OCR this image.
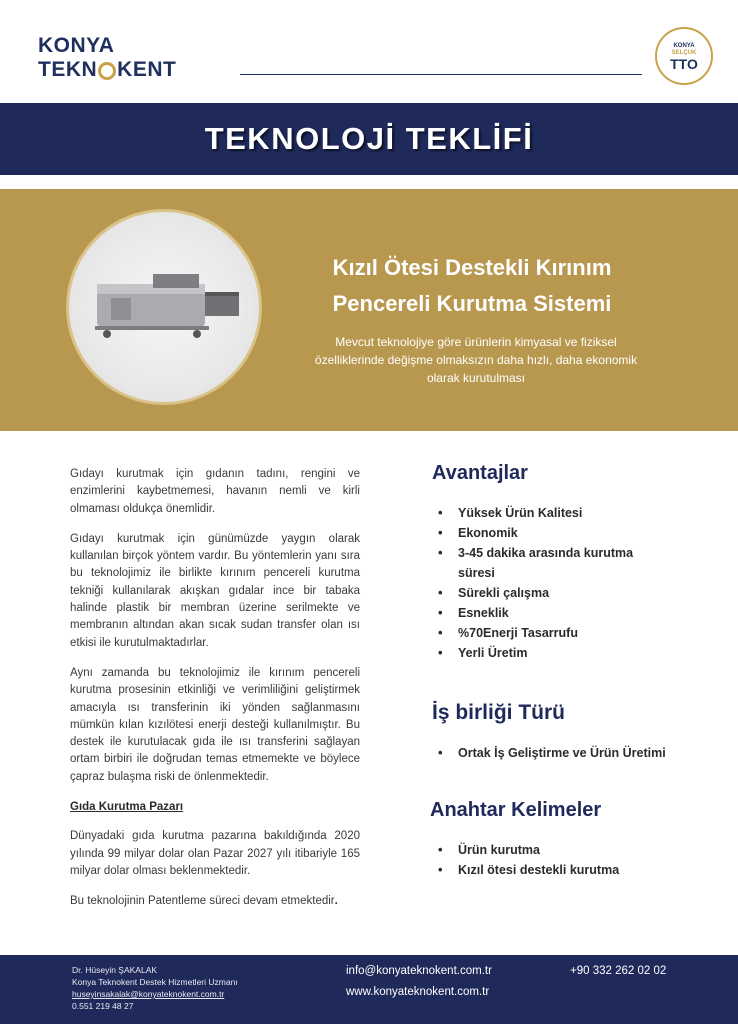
KONYA
TEKN KENT
KONYA
SELÇUK
TTO
TEKNOLOJİ TEKLİFİ
Kızıl Ötesi Destekli Kırınım
Pencereli Kurutma Sistemi
Mevcut teknolojiye göre ürünlerin kimyasal ve fiziksel özelliklerinde değişme olmaksızın daha hızlı, daha ekonomik olarak kurutulması

Gıdayı kurutmak için gıdanın tadını, rengini ve enzimlerini kaybetmemesi, havanın nemli ve kirli olmaması oldukça önemlidir.

Gıdayı kurutmak için günümüzde yaygın olarak kullanılan birçok yöntem vardır. Bu yöntemlerin yanı sıra bu teknolojimiz ile birlikte kırınım pencereli kurutma tekniği kullanılarak akışkan gıdalar ince bir tabaka halinde plastik bir membran üzerine serilmekte ve membranın altından akan sıcak sudan transfer olan ısı etkisi ile kurutulmaktadırlar.

Aynı zamanda bu teknolojimiz ile kırınım pencereli kurutma prosesinin etkinliği ve verimliliğini geliştirmek amacıyla ısı transferinin iki yönden sağlanmasını mümkün kılan kızılötesi enerji desteği kullanılmıştır. Bu destek ile kurutulacak gıda ile ısı transferini sağlayan ortam birbiri ile doğrudan temas etmemekte ve böylece çapraz bulaşma riski de önlenmektedir.

Gıda Kurutma Pazarı

Dünyadaki gıda kurutma pazarına bakıldığında 2020 yılında 99 milyar dolar olan Pazar 2027 yılı itibariyle 165 milyar dolar olması beklenmektedir.

Bu teknolojinin Patentleme süreci devam etmektedir.

Avantajlar
• Yüksek Ürün Kalitesi
• Ekonomik
• 3-45 dakika arasında kurutma süresi
• Sürekli çalışma
• Esneklik
• %70Enerji Tasarrufu
• Yerli Üretim
İş birliği Türü
• Ortak İş Geliştirme ve Ürün Üretimi
Anahtar Kelimeler
• Ürün kurutma
• Kızıl ötesi destekli kurutma
Dr. Hüseyin ŞAKALAK
Konya Teknokent Destek Hizmetleri Uzmanı
huseyinsakalak@konyateknokent.com.tr
0.551 219 48 27
info@konyateknokent.com.tr	+90 332 262 02 02
www.konyateknokent.com.tr
